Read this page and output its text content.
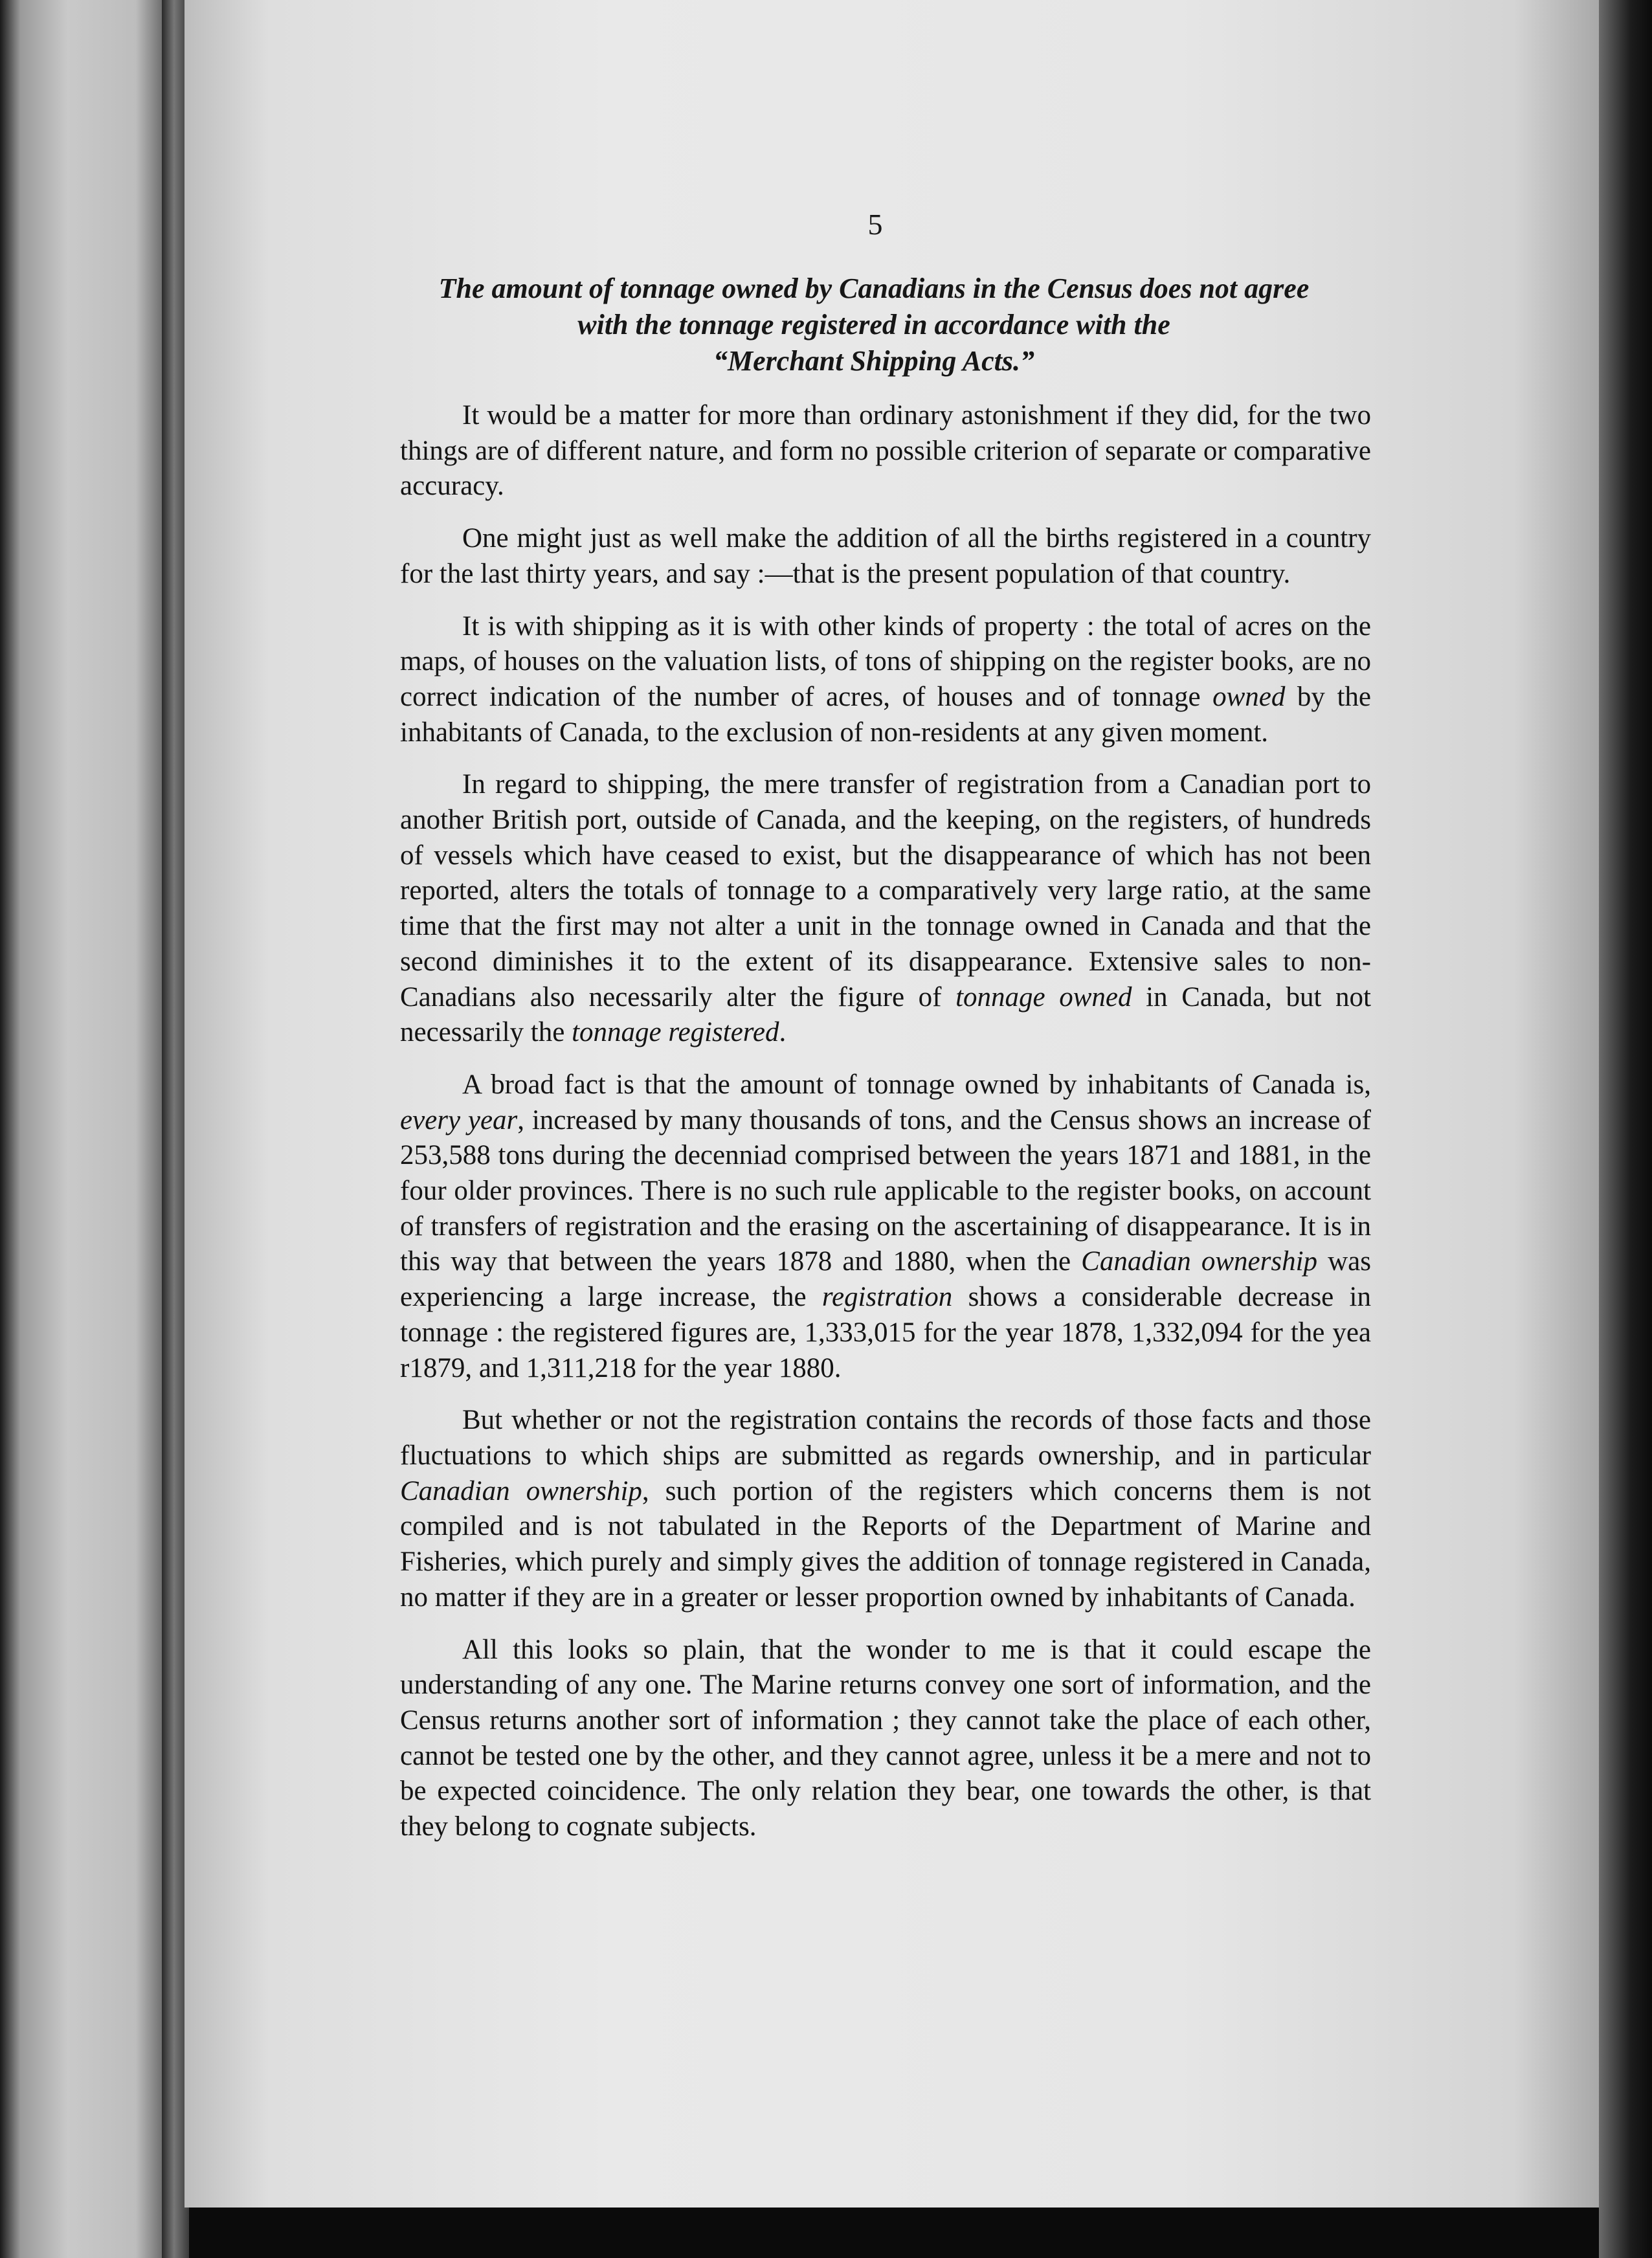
5
The amount of tonnage owned by Canadians in the Census does not agree
with the tonnage registered in accordance with the
“Merchant Shipping Acts.”

It would be a matter for more than ordinary astonishment if they did, for the two things are of different nature, and form no possible criterion of separate or comparative accuracy.

One might just as well make the addition of all the births registered in a country for the last thirty years, and say :—that is the present population of that country.

It is with shipping as it is with other kinds of property : the total of acres on the maps, of houses on the valuation lists, of tons of shipping on the register books, are no correct indication of the number of acres, of houses and of tonnage owned by the inhabitants of Canada, to the exclusion of non-residents at any given moment.

In regard to shipping, the mere transfer of registration from a Canadian port to another British port, outside of Canada, and the keeping, on the registers, of hundreds of vessels which have ceased to exist, but the disappearance of which has not been reported, alters the totals of tonnage to a comparatively very large ratio, at the same time that the first may not alter a unit in the tonnage owned in Canada and that the second diminishes it to the extent of its disappearance. Extensive sales to non-Canadians also necessarily alter the figure of tonnage owned in Canada, but not necessarily the tonnage registered.

A broad fact is that the amount of tonnage owned by inhabitants of Canada is, every year, increased by many thousands of tons, and the Census shows an increase of 253,588 tons during the decenniad comprised between the years 1871 and 1881, in the four older provinces. There is no such rule applicable to the register books, on account of transfers of registration and the erasing on the ascertaining of disappearance. It is in this way that between the years 1878 and 1880, when the Canadian ownership was experiencing a large increase, the registration shows a considerable decrease in tonnage : the registered figures are, 1,333,015 for the year 1878, 1,332,094 for the yea r1879, and 1,311,218 for the year 1880.

But whether or not the registration contains the records of those facts and those fluctuations to which ships are submitted as regards ownership, and in particular Canadian ownership, such portion of the registers which concerns them is not compiled and is not tabulated in the Reports of the Department of Marine and Fisheries, which purely and simply gives the addition of tonnage registered in Canada, no matter if they are in a greater or lesser proportion owned by inhabitants of Canada.

All this looks so plain, that the wonder to me is that it could escape the understanding of any one. The Marine returns convey one sort of information, and the Census returns another sort of information ; they cannot take the place of each other, cannot be tested one by the other, and they cannot agree, unless it be a mere and not to be expected coincidence. The only relation they bear, one towards the other, is that they belong to cognate subjects.
